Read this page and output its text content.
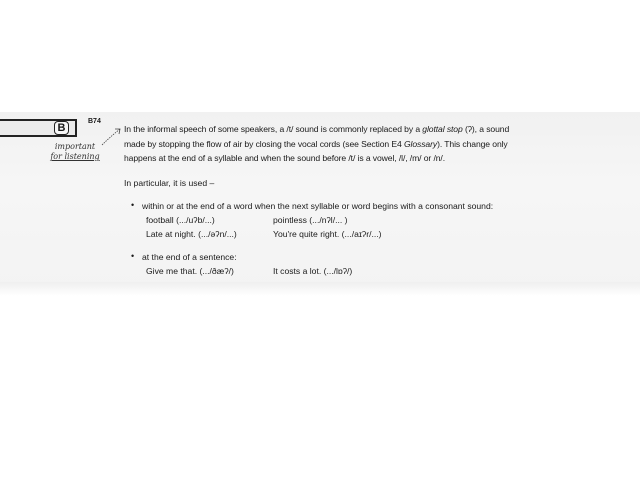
B
B74
important
for listening
In the informal speech of some speakers, a /t/ sound is commonly replaced by a glottal stop (ʔ), a sound
made by stopping the flow of air by closing the vocal cords (see Section E4 Glossary). This change only
happens at the end of a syllable and when the sound before /t/ is a vowel, /l/, /m/ or /n/.
In particular, it is used –
• within or at the end of a word when the next syllable or word begins with a consonant sound:
football (.../uʔb/...)	pointless (.../nʔl/... )
Late at night. (.../əʔn/...)	You're quite right. (.../aɪʔr/...)
• at the end of a sentence:
Give me that. (.../ðæʔ/)	It costs a lot. (.../lɒʔ/)
